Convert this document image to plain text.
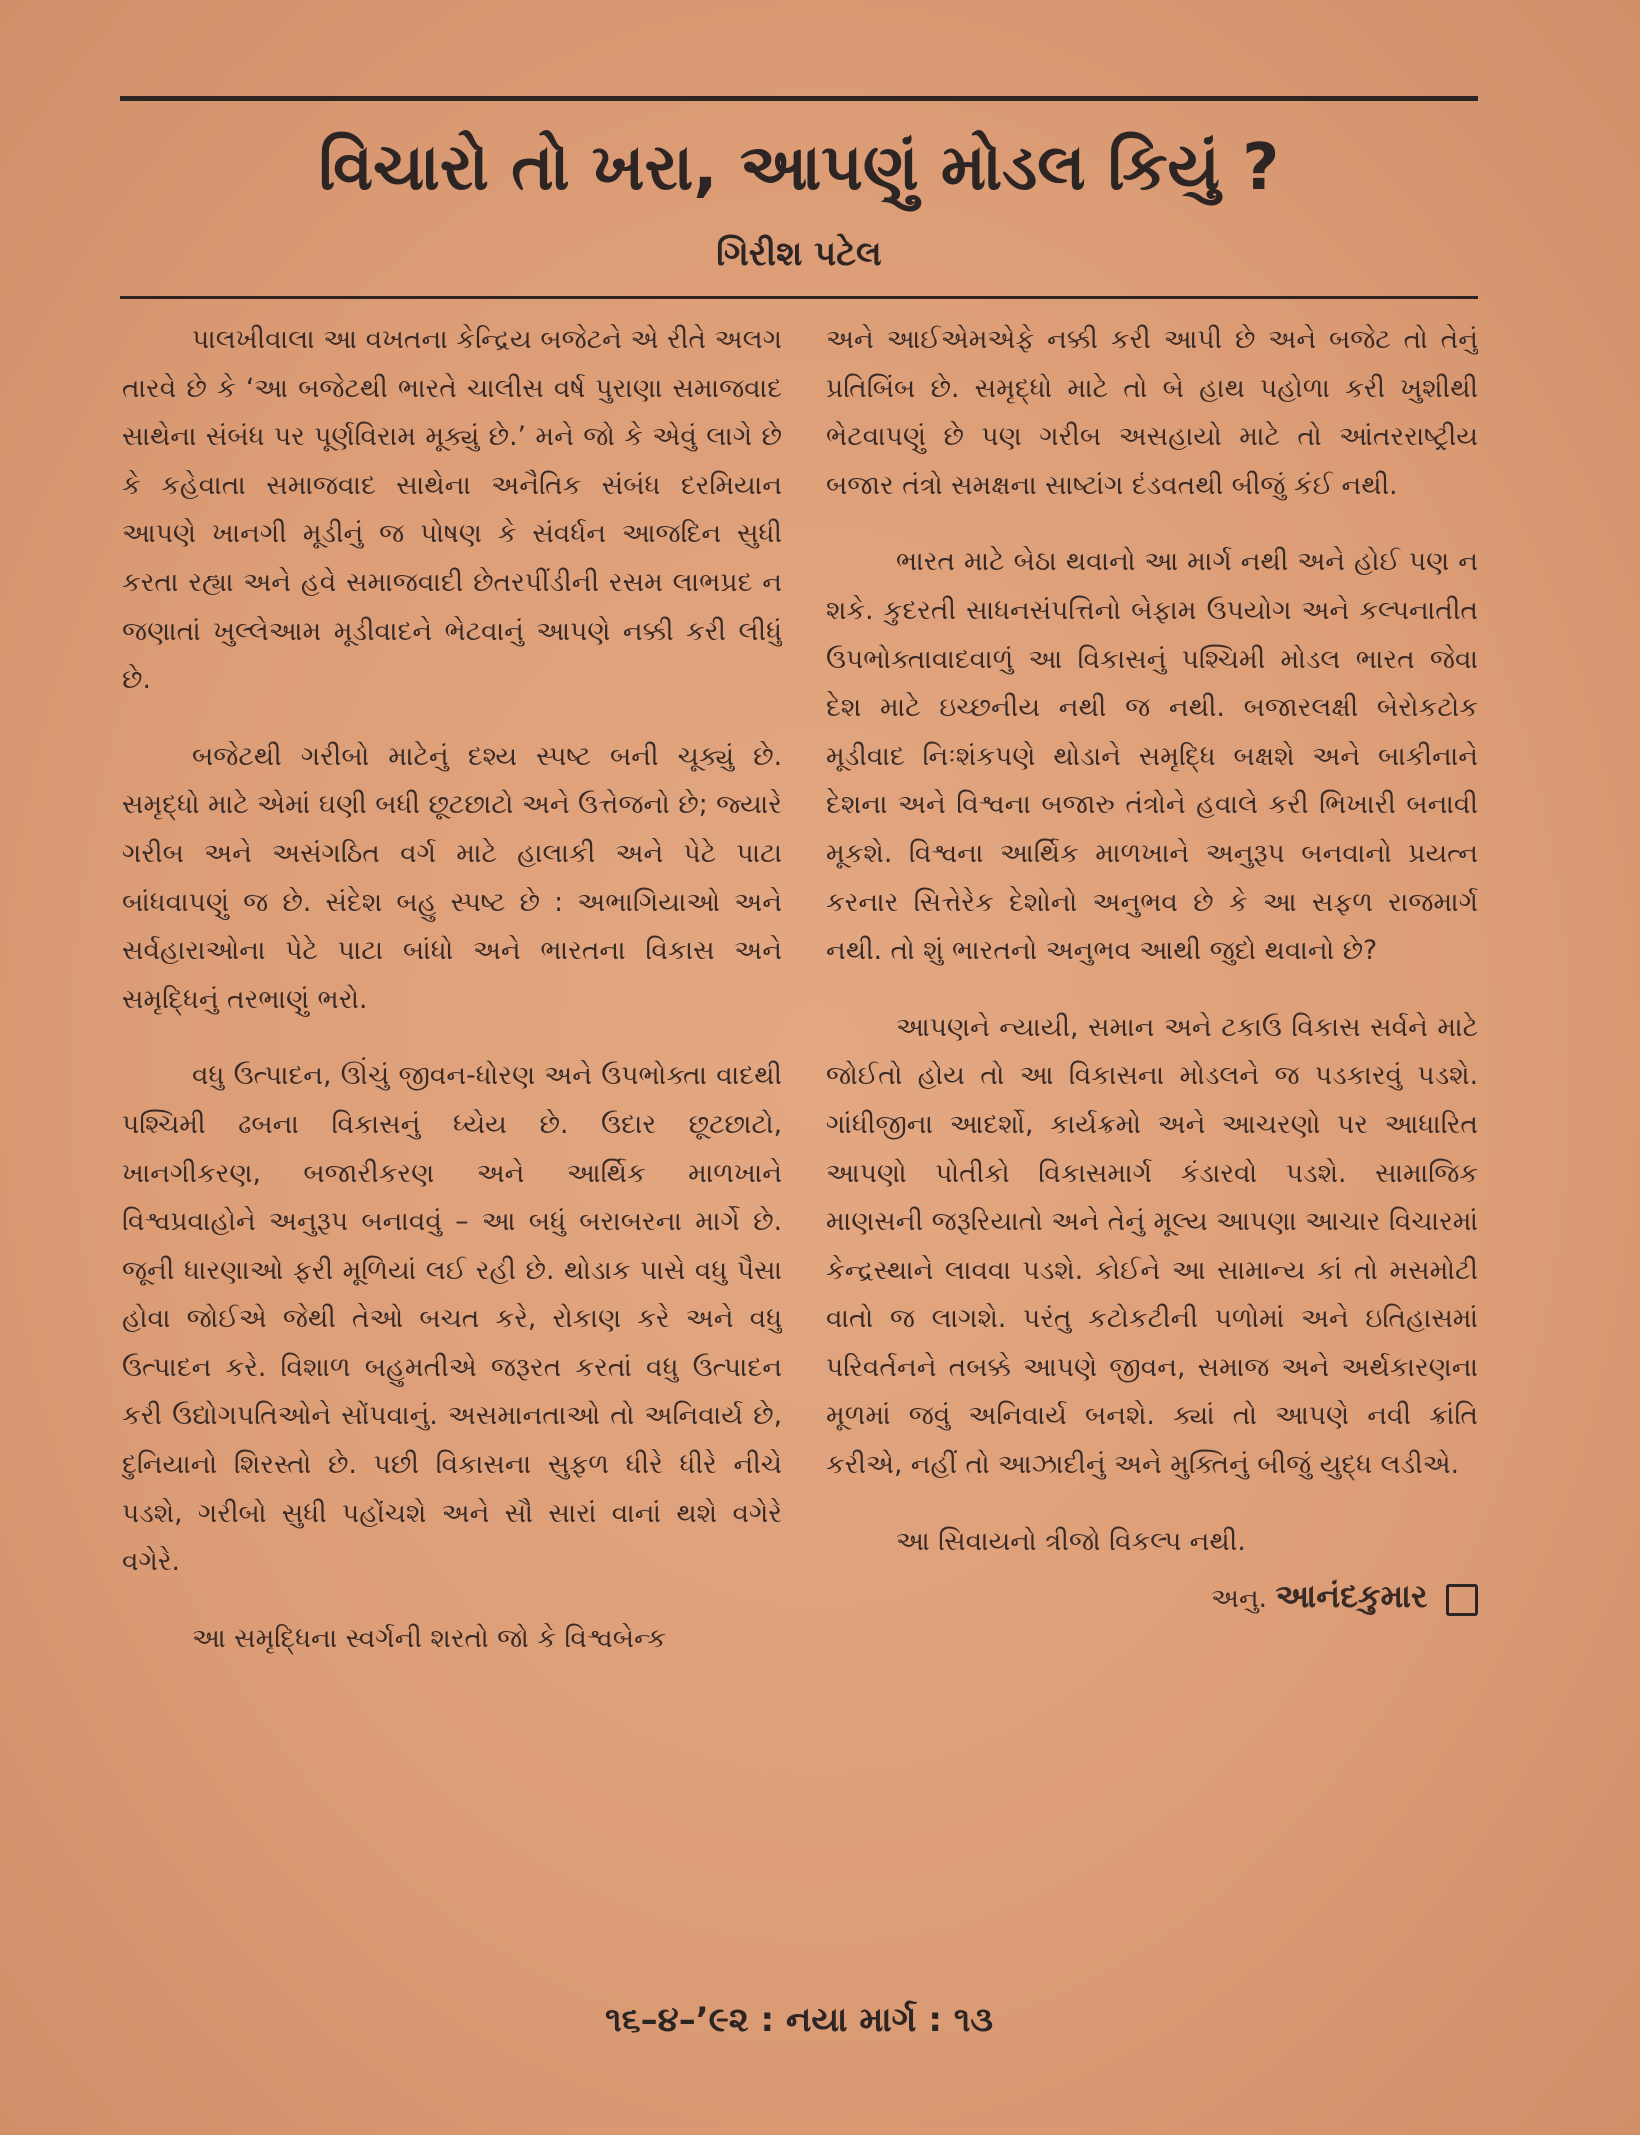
વિચારો તો ખરા, આપણું મોડલ કિયું ?
ગિરીશ પટેલ

પાલખીવાલા આ વખતના કેન્દ્રિય બજેટને એ રીતે અલગ તારવે છે કે ‘આ બજેટથી ભારતે ચાલીસ વર્ષ પુરાણા સમાજવાદ સાથેના સંબંધ પર પૂર્ણવિરામ મૂક્યું છે.’ મને જો કે એવું લાગે છે કે કહેવાતા સમાજવાદ સાથેના અનૈતિક સંબંધ દરમિયાન આપણે ખાનગી મૂડીનું જ પોષણ કે સંવર્ધન આજદિન સુધી કરતા રહ્યા અને હવે સમાજવાદી છેતરપીંડીની રસમ લાભપ્રદ ન જણાતાં ખુલ્લેઆમ મૂડીવાદને ભેટવાનું આપણે નક્કી કરી લીધું છે.

બજેટથી ગરીબો માટેનું દશ્ય સ્પષ્ટ બની ચૂક્યું છે. સમૃદ્ધો માટે એમાં ઘણી બધી છૂટછાટો અને ઉત્તેજનો છે; જ્યારે ગરીબ અને અસંગઠિત વર્ગ માટે હાલાકી અને પેટે પાટા બાંધવાપણું જ છે. સંદેશ બહુ સ્પષ્ટ છે : અભાગિયાઓ અને સર્વહારાઓના પેટે પાટા બાંધો અને ભારતના વિકાસ અને સમૃદ્ધિનું તરભાણું ભરો.

વધુ ઉત્પાદન, ઊંચું જીવન-ધોરણ અને ઉપભોક્તા વાદથી પશ્ચિમી ઢબના વિકાસનું ધ્યેય છે. ઉદાર છૂટછાટો, ખાનગીકરણ, બજારીકરણ અને આર્થિક માળખાને વિશ્વપ્રવાહોને અનુરૂપ બનાવવું – આ બધું બરાબરના માર્ગે છે. જૂની ધારણાઓ ફરી મૂળિયાં લઈ રહી છે. થોડાક પાસે વધુ પૈસા હોવા જોઈએ જેથી તેઓ બચત કરે, રોકાણ કરે અને વધુ ઉત્પાદન કરે. વિશાળ બહુમતીએ જરૂરત કરતાં વધુ ઉત્પાદન કરી ઉદ્યોગપતિઓને સોંપવાનું. અસમાનતાઓ તો અનિવાર્ય છે, દુનિયાનો શિરસ્તો છે. પછી વિકાસના સુફળ ધીરે ધીરે નીચે પડશે, ગરીબો સુધી પહોંચશે અને સૌ સારાં વાનાં થશે વગેરે વગેરે.

આ સમૃદ્ધિના સ્વર્ગની શરતો જો કે વિશ્વબેન્ક

અને આઈએમએફે નક્કી કરી આપી છે અને બજેટ તો તેનું પ્રતિબિંબ છે. સમૃદ્ધો માટે તો બે હાથ પહોળા કરી ખુશીથી ભેટવાપણું છે પણ ગરીબ અસહાયો માટે તો આંતરરાષ્ટ્રીય બજાર તંત્રો સમક્ષના સાષ્ટાંગ દંડવતથી બીજું કંઈ નથી.

ભારત માટે બેઠા થવાનો આ માર્ગ નથી અને હોઈ પણ ન શકે. કુદરતી સાધનસંપત્તિનો બેફામ ઉપયોગ અને કલ્પનાતીત ઉપભોક્તાવાદવાળું આ વિકાસનું પશ્ચિમી મોડલ ભારત જેવા દેશ માટે ઇચ્છનીય નથી જ નથી. બજારલક્ષી બેરોકટોક મૂડીવાદ નિઃશંકપણે થોડાને સમૃદ્ધિ બક્ષશે અને બાકીનાને દેશના અને વિશ્વના બજારુ તંત્રોને હવાલે કરી ભિખારી બનાવી મૂકશે. વિશ્વના આર્થિક માળખાને અનુરૂપ બનવાનો પ્રયત્ન કરનાર સિત્તેરેક દેશોનો અનુભવ છે કે આ સફળ રાજમાર્ગ નથી. તો શું ભારતનો અનુભવ આથી જુદો થવાનો છે?

આપણને ન્યાયી, સમાન અને ટકાઉ વિકાસ સર્વને માટે જોઈતો હોય તો આ વિકાસના મોડલને જ પડકારવું પડશે. ગાંધીજીના આદર્શો, કાર્યક્રમો અને આચરણો પર આધારિત આપણો પોતીકો વિકાસમાર્ગ કંડારવો પડશે. સામાજિક માણસની જરૂરિયાતો અને તેનું મૂલ્ય આપણા આચાર વિચારમાં કેન્દ્રસ્થાને લાવવા પડશે. કોઈને આ સામાન્ય કાં તો મસમોટી વાતો જ લાગશે. પરંતુ કટોકટીની પળોમાં અને ઇતિહાસમાં પરિવર્તનને તબક્કે આપણે જીવન, સમાજ અને અર્થકારણના મૂળમાં જવું અનિવાર્ય બનશે. ક્યાં તો આપણે નવી ક્રાંતિ કરીએ, નહીં તો આઝાદીનું અને મુક્તિનું બીજું યુદ્ધ લડીએ.

આ સિવાયનો ત્રીજો વિકલ્પ નથી.

અનુ. આનંદકુમાર

૧૬–૪–’૯૨ : નયા માર્ગ : ૧૩
